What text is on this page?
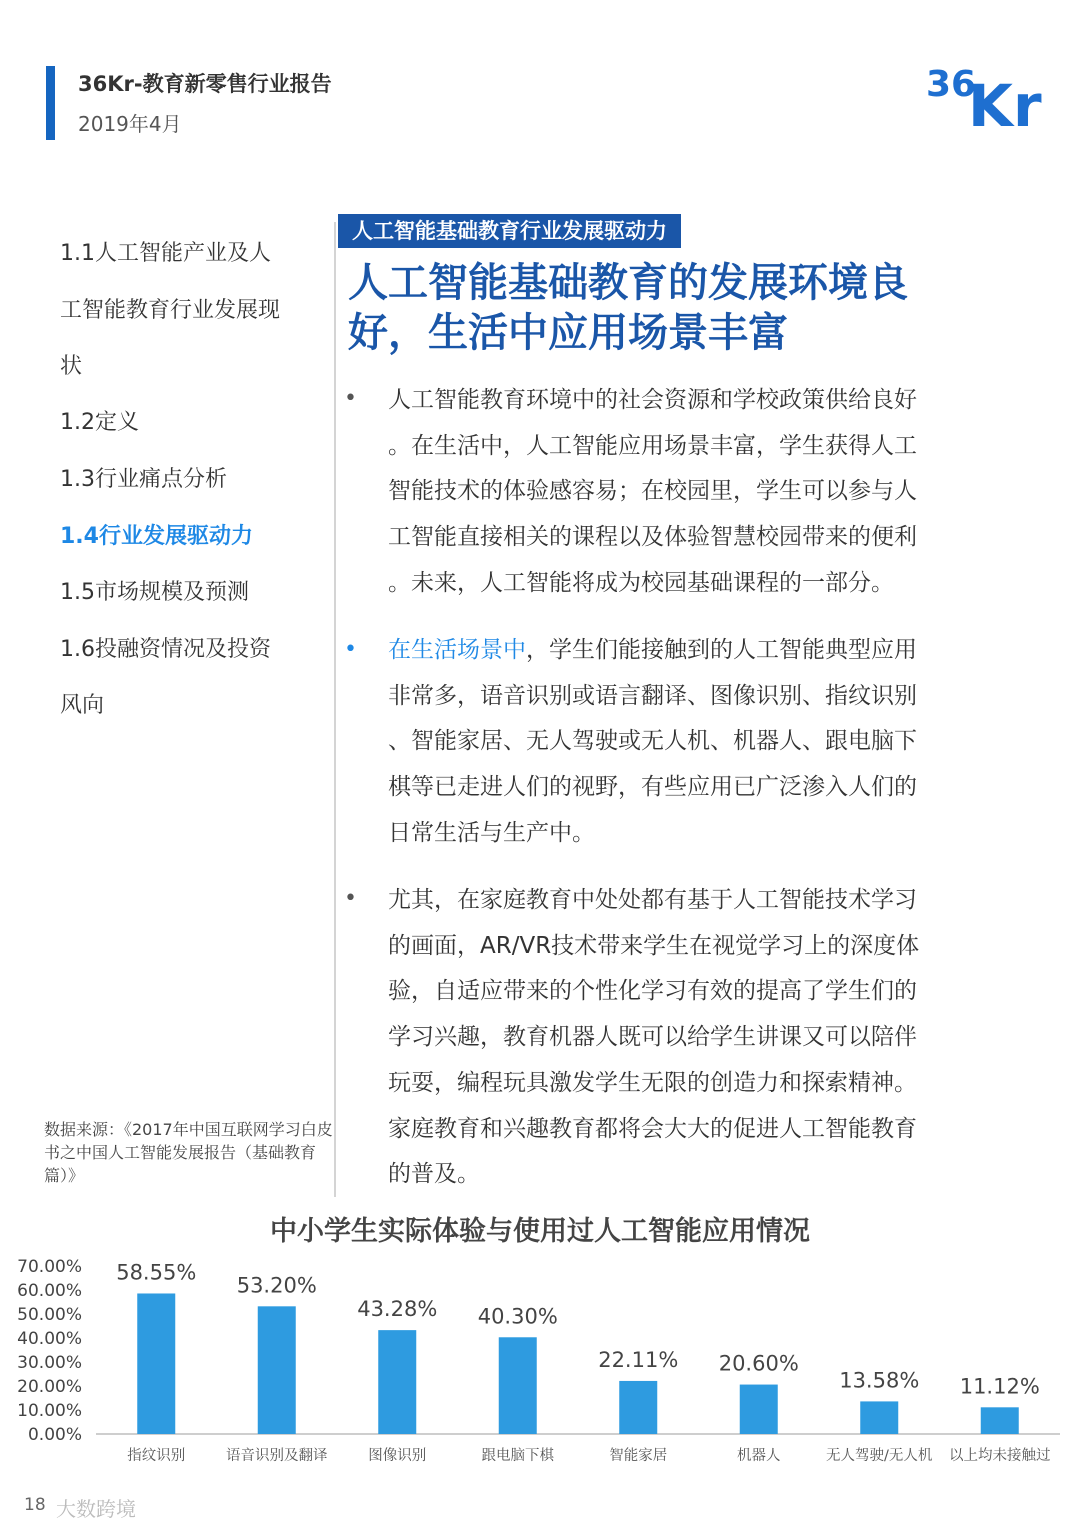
36Kr-教育新零售行业报告
2019年4月
36
Kr
1.1人工智能产业及人
工智能教育行业发展现
状
1.2定义
1.3行业痛点分析
1.4行业发展驱动力
1.5市场规模及预测
1.6投融资情况及投资
风向
数据来源：《2017年中国互联网学习白皮书之中国人工智能发展报告（基础教育篇）》
人工智能基础教育行业发展驱动力
人工智能基础教育的发展环境良
好，生活中应用场景丰富
• 人工智能教育环境中的社会资源和学校政策供给良好
。在生活中，人工智能应用场景丰富，学生获得人工
智能技术的体验感容易；在校园里，学生可以参与人
工智能直接相关的课程以及体验智慧校园带来的便利
。未来，人工智能将成为校园基础课程的一部分。
• 在生活场景中，学生们能接触到的人工智能典型应用
非常多，语音识别或语言翻译、图像识别、指纹识别
、智能家居、无人驾驶或无人机、机器人、跟电脑下
棋等已走进人们的视野，有些应用已广泛渗入人们的
日常生活与生产中。
• 尤其，在家庭教育中处处都有基于人工智能技术学习
的画面，AR/VR技术带来学生在视觉学习上的深度体
验，自适应带来的个性化学习有效的提高了学生们的
学习兴趣，教育机器人既可以给学生讲课又可以陪伴
玩耍，编程玩具激发学生无限的创造力和探索精神。
家庭教育和兴趣教育都将会大大的促进人工智能教育
的普及。
中小学生实际体验与使用过人工智能应用情况
0.00%
10.00%
20.00%
30.00%
40.00%
50.00%
60.00%
70.00% 58.55%
53.20%
43.28% 40.30%
22.11% 20.60%
13.58% 11.12%
指纹识别	语音识别及翻译	图像识别	跟电脑下棋	智能家居	机器人	无人驾驶/无人机 以上均未接触过
18 大数跨境
